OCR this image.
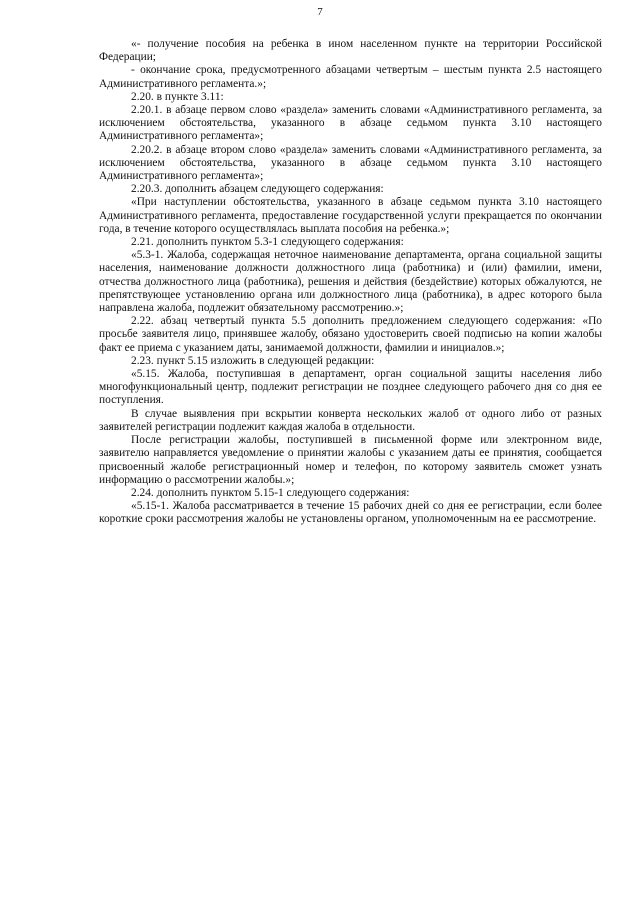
7

«- получение пособия на ребенка в ином населенном пункте на территории Российской Федерации;

- окончание срока, предусмотренного абзацами четвертым – шестым пункта 2.5 настоящего Административного регламента.»;

2.20. в пункте 3.11:

2.20.1. в абзаце первом слово «раздела» заменить словами «Административного регламента, за исключением обстоятельства, указанного в абзаце седьмом пункта 3.10 настоящего Административного регламента»;

2.20.2. в абзаце втором слово «раздела» заменить словами «Административного регламента, за исключением обстоятельства, указанного в абзаце седьмом пункта 3.10 настоящего Административного регламента»;

2.20.3. дополнить абзацем следующего содержания:

«При наступлении обстоятельства, указанного в абзаце седьмом пункта 3.10 настоящего Административного регламента, предоставление государственной услуги прекращается по окончании года, в течение которого осуществлялась выплата пособия на ребенка.»;

2.21. дополнить пунктом 5.3-1 следующего содержания:

«5.3-1. Жалоба, содержащая неточное наименование департамента, органа социальной защиты населения, наименование должности должностного лица (работника) и (или) фамилии, имени, отчества должностного лица (работника), решения и действия (бездействие) которых обжалуются, не препятствующее установлению органа или должностного лица (работника), в адрес которого была направлена жалоба, подлежит обязательному рассмотрению.»;

2.22. абзац четвертый пункта 5.5 дополнить предложением следующего содержания: «По просьбе заявителя лицо, принявшее жалобу, обязано удостоверить своей подписью на копии жалобы факт ее приема с указанием даты, занимаемой должности, фамилии и инициалов.»;

2.23. пункт 5.15 изложить в следующей редакции:

«5.15. Жалоба, поступившая в департамент, орган социальной защиты населения либо многофункциональный центр, подлежит регистрации не позднее следующего рабочего дня со дня ее поступления.

В случае выявления при вскрытии конверта нескольких жалоб от одного либо от разных заявителей регистрации подлежит каждая жалоба в отдельности.

После регистрации жалобы, поступившей в письменной форме или электронном виде, заявителю направляется уведомление о принятии жалобы с указанием даты ее принятия, сообщается присвоенный жалобе регистрационный номер и телефон, по которому заявитель сможет узнать информацию о рассмотрении жалобы.»;

2.24. дополнить пунктом 5.15-1 следующего содержания:

«5.15-1. Жалоба рассматривается в течение 15 рабочих дней со дня ее регистрации, если более короткие сроки рассмотрения жалобы не установлены органом, уполномоченным на ее рассмотрение.
